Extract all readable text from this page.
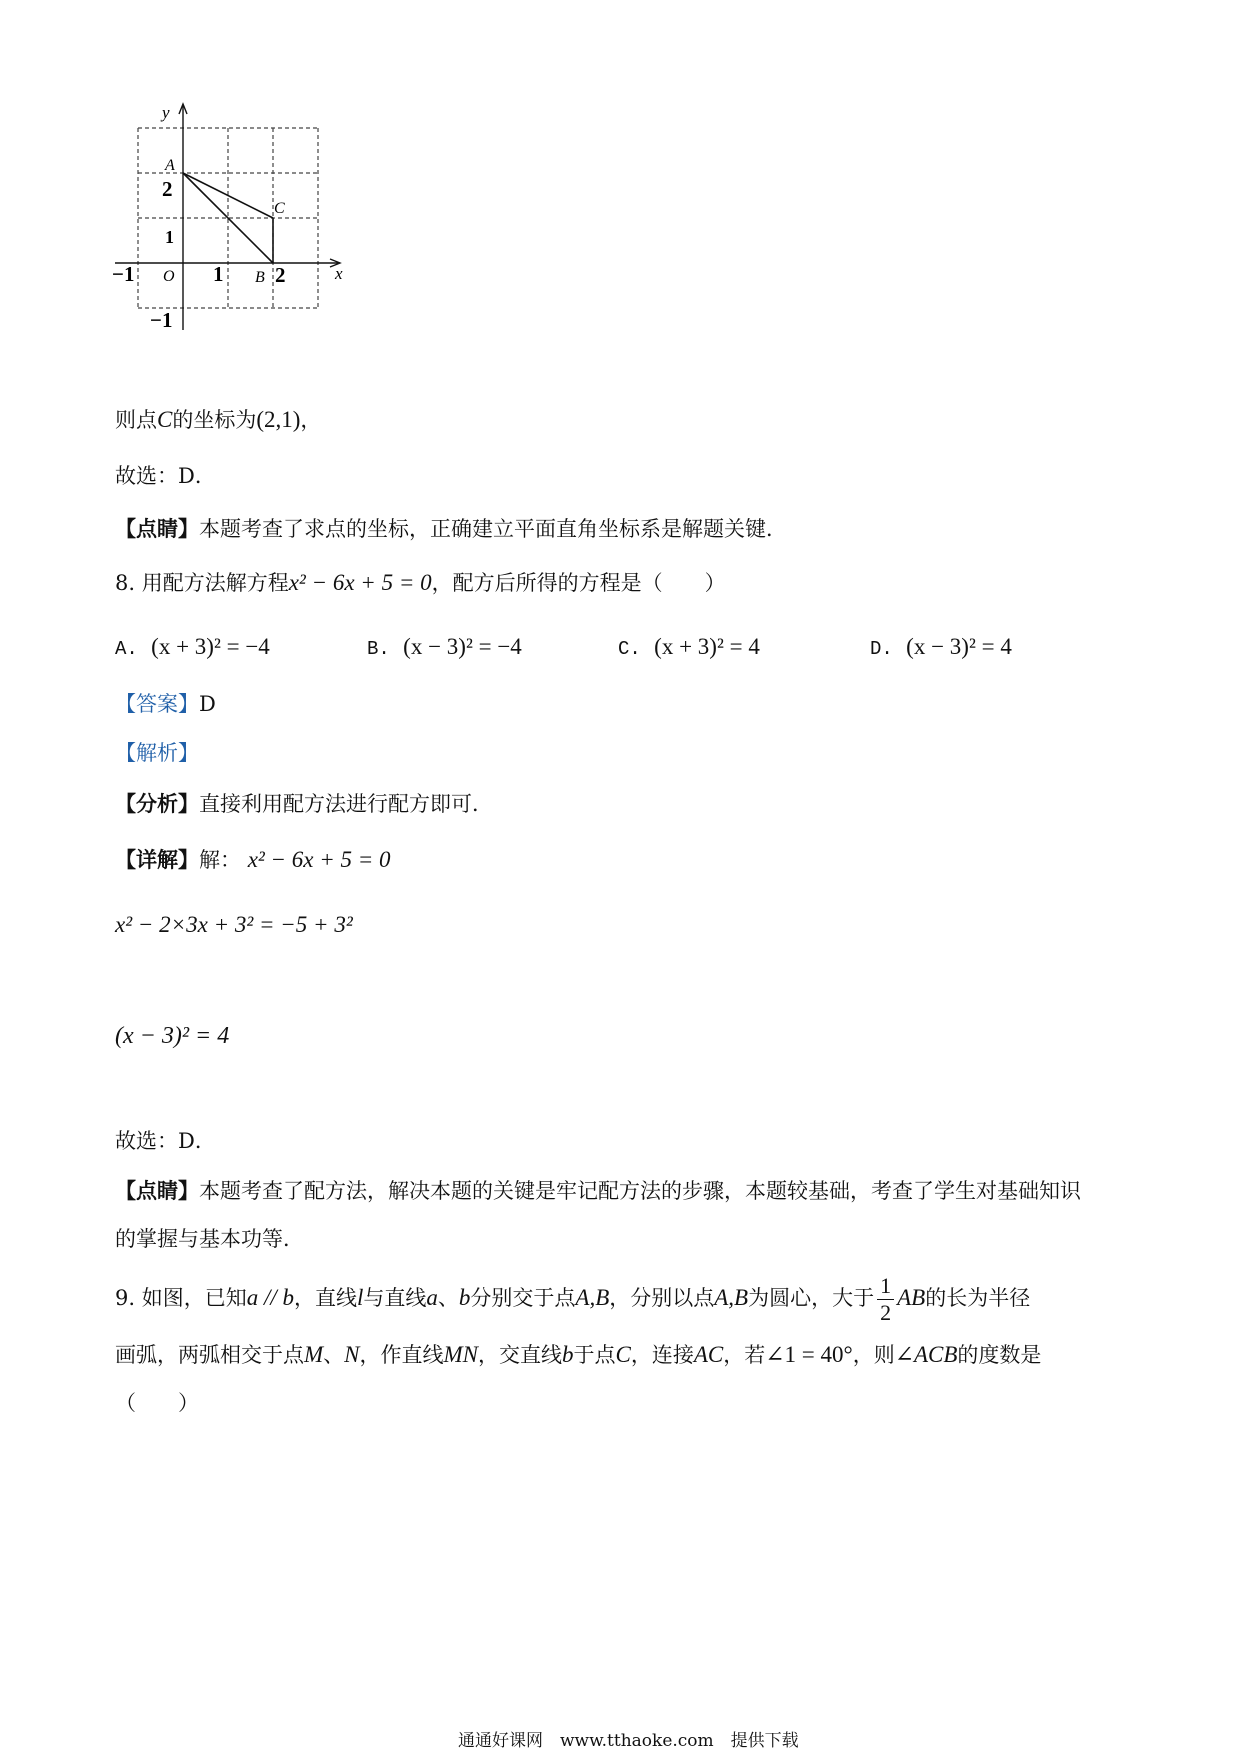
y
x
A
C
B
O
2
1
−1	1 2
−1
则点C的坐标为(2,1)，
故选：D．
【点睛】本题考查了求点的坐标，正确建立平面直角坐标系是解题关键．
8. 用配方法解方程x² − 6x + 5 = 0，配方后所得的方程是（　　）
A. (x + 3)² = −4	B. (x − 3)² = −4	C. (x + 3)² = 4	D. (x − 3)² = 4
【答案】D
【解析】
【分析】直接利用配方法进行配方即可．
【详解】解： x² − 6x + 5 = 0
x² − 2×3x + 3² = −5 + 3²
(x − 3)² = 4
故选：D．
【点睛】本题考查了配方法，解决本题的关键是牢记配方法的步骤，本题较基础，考查了学生对基础知识
的掌握与基本功等．
9. 如图，已知a // b，直线l与直线a、b分别交于点A,B，分别以点A,B为圆心，大于 $\frac{1}{2}$ AB的长为半径
画弧，两弧相交于点M、N，作直线MN，交直线b于点C，连接AC，若∠1 = 40°，则∠ACB的度数是
（　　）
通通好课网　www.tthaoke.com　提供下载
